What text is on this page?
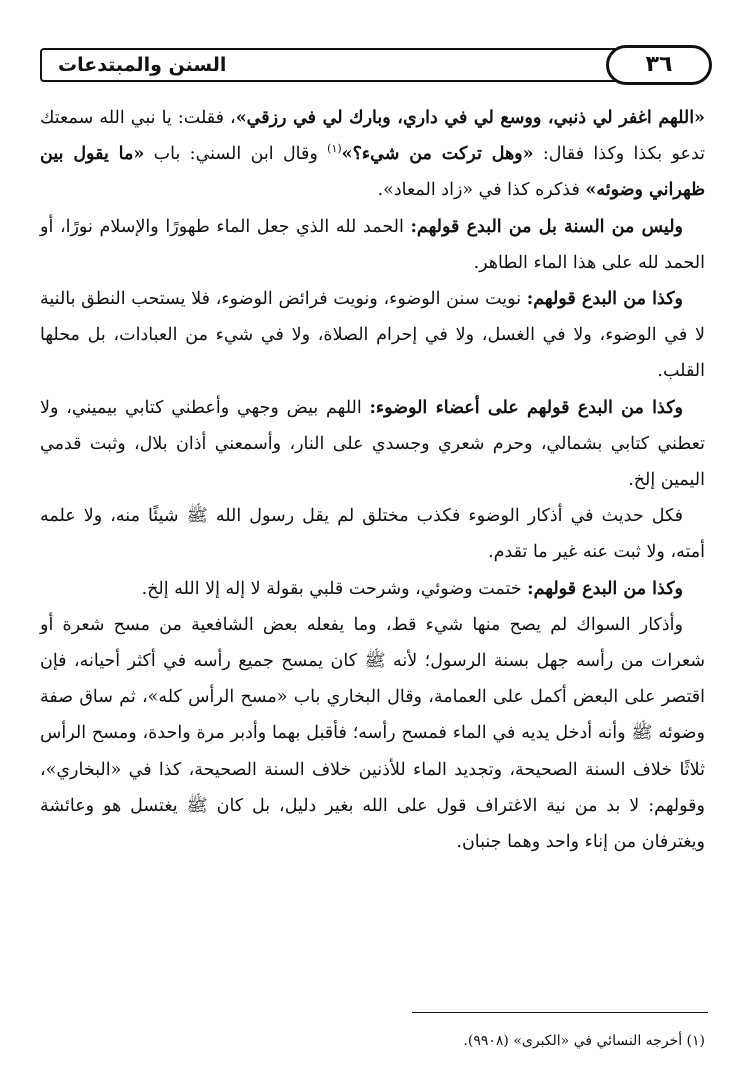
السنن والمبتدعات	٣٦

«اللهم اغفر لي ذنبي، ووسع لي في داري، وبارك لي في رزقي»، فقلت: يا نبي الله سمعتك تدعو بكذا وكذا فقال: «وهل تركت من شيء؟»$^{(١)}$ وقال ابن السني: باب «ما يقول بين ظهراني وضوئه» فذكره كذا في «زاد المعاد».

وليس من السنة بل من البدع قولهم: الحمد لله الذي جعل الماء طهورًا والإسلام نورًا، أو الحمد لله على هذا الماء الطاهر.

وكذا من البدع قولهم: نويت سنن الوضوء، ونويت فرائض الوضوء، فلا يستحب النطق بالنية لا في الوضوء، ولا في الغسل، ولا في إحرام الصلاة، ولا في شيء من العبادات، بل محلها القلب.

وكذا من البدع قولهم على أعضاء الوضوء: اللهم بيض وجهي وأعطني كتابي بيميني، ولا تعطني كتابي بشمالي، وحرم شعري وجسدي على النار، وأسمعني أذان بلال، وثبت قدمي اليمين إلخ.

فكل حديث في أذكار الوضوء فكذب مختلق لم يقل رسول الله ﷺ شيئًا منه، ولا علمه أمته، ولا ثبت عنه غير ما تقدم.

وكذا من البدع قولهم: ختمت وضوئي، وشرحت قلبي بقولة لا إله إلا الله إلخ.

وأذكار السواك لم يصح منها شيء قط، وما يفعله بعض الشافعية من مسح شعرة أو شعرات من رأسه جهل بسنة الرسول؛ لأنه ﷺ كان يمسح جميع رأسه في أكثر أحيانه، فإن اقتصر على البعض أكمل على العمامة، وقال البخاري باب «مسح الرأس كله»، ثم ساق صفة وضوئه ﷺ وأنه أدخل يديه في الماء فمسح رأسه؛ فأقبل بهما وأدبر مرة واحدة، ومسح الرأس ثلاثًا خلاف السنة الصحيحة، وتجديد الماء للأذنين خلاف السنة الصحيحة، كذا في «البخاري»، وقولهم: لا بد من نية الاغتراف قول على الله بغير دليل، بل كان ﷺ يغتسل هو وعائشة ويغترفان من إناء واحد وهما جنبان.

(١) أخرجه النسائي في «الكبرى» (٩٩٠٨).
